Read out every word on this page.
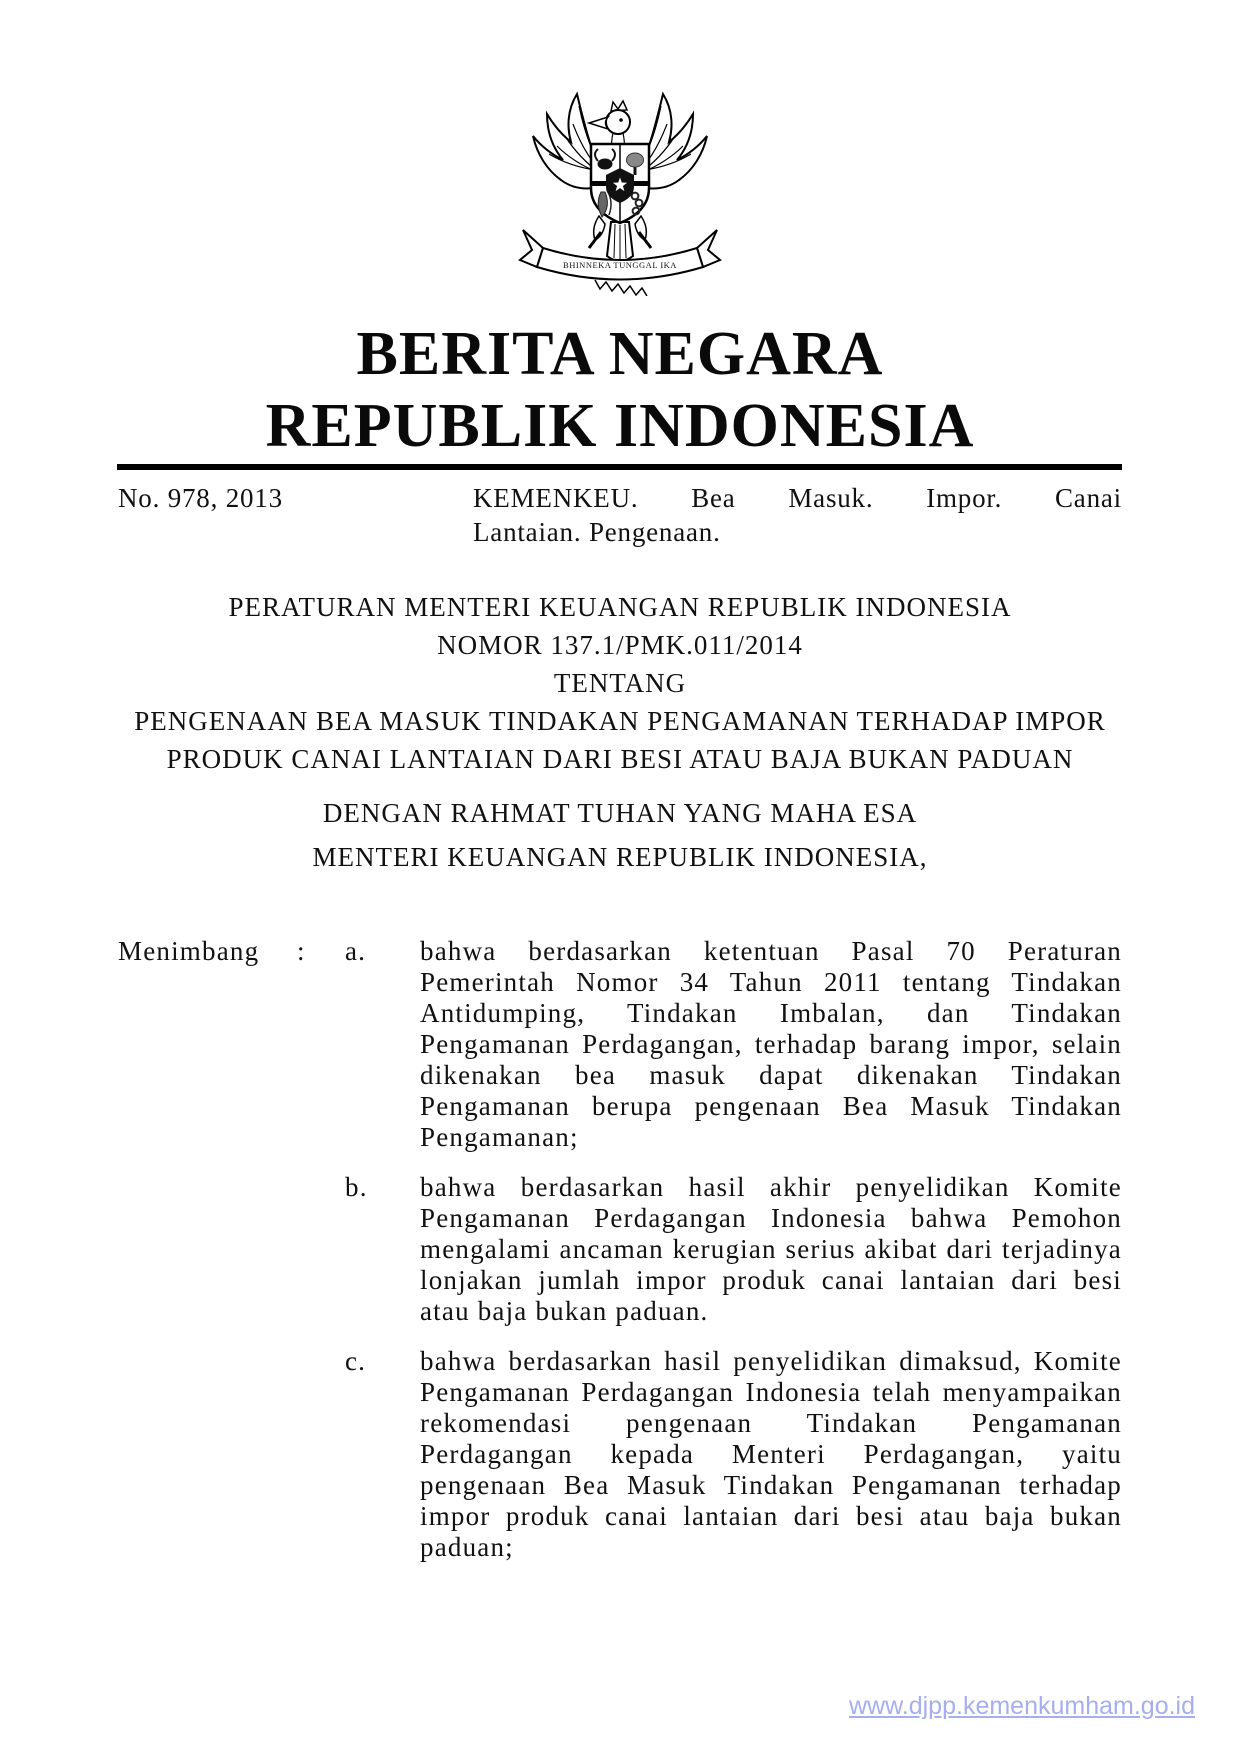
BHINNEKA TUNGGAL IKA
BERITA NEGARA
REPUBLIK INDONESIA
No. 978, 2013	KEMENKEU. Bea Masuk. Impor. Canai
Lantaian. Pengenaan.
PERATURAN MENTERI KEUANGAN REPUBLIK INDONESIA
NOMOR 137.1/PMK.011/2014
TENTANG
PENGENAAN BEA MASUK TINDAKAN PENGAMANAN TERHADAP IMPOR
PRODUK CANAI LANTAIAN DARI BESI ATAU BAJA BUKAN PADUAN
DENGAN RAHMAT TUHAN YANG MAHA ESA
MENTERI KEUANGAN REPUBLIK INDONESIA,
Menimbang	:	a.	bahwa berdasarkan ketentuan Pasal 70 Peraturan Pemerintah Nomor 34 Tahun 2011 tentang Tindakan Antidumping, Tindakan Imbalan, dan Tindakan Pengamanan Perdagangan, terhadap barang impor, selain dikenakan bea masuk dapat dikenakan Tindakan Pengamanan berupa pengenaan Bea Masuk Tindakan Pengamanan;
b.	bahwa berdasarkan hasil akhir penyelidikan Komite Pengamanan Perdagangan Indonesia bahwa Pemohon mengalami ancaman kerugian serius akibat dari terjadinya lonjakan jumlah impor produk canai lantaian dari besi atau baja bukan paduan.
c.	bahwa berdasarkan hasil penyelidikan dimaksud, Komite Pengamanan Perdagangan Indonesia telah menyampaikan rekomendasi pengenaan Tindakan Pengamanan Perdagangan kepada Menteri Perdagangan, yaitu pengenaan Bea Masuk Tindakan Pengamanan terhadap impor produk canai lantaian dari besi atau baja bukan paduan;
www.djpp.kemenkumham.go.id
